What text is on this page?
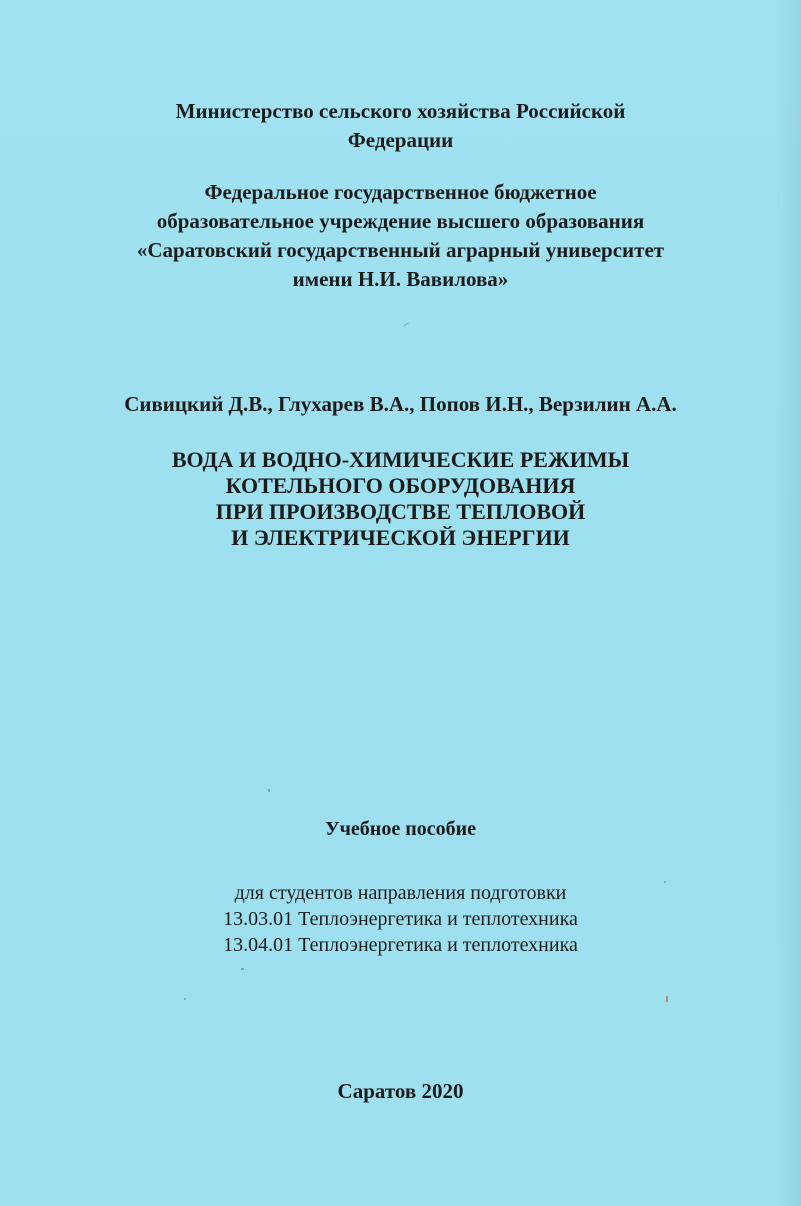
Министерство сельского хозяйства Российской
Федерации
Федеральное государственное бюджетное
образовательное учреждение высшего образования
«Саратовский государственный аграрный университет
имени Н.И. Вавилова»
Сивицкий Д.В., Глухарев В.А., Попов И.Н., Верзилин А.А.
ВОДА И ВОДНО-ХИМИЧЕСКИЕ РЕЖИМЫ
КОТЕЛЬНОГО ОБОРУДОВАНИЯ
ПРИ ПРОИЗВОДСТВЕ ТЕПЛОВОЙ
И ЭЛЕКТРИЧЕСКОЙ ЭНЕРГИИ
Учебное пособие
для студентов направления подготовки
13.03.01 Теплоэнергетика и теплотехника
13.04.01 Теплоэнергетика и теплотехника
Саратов 2020
